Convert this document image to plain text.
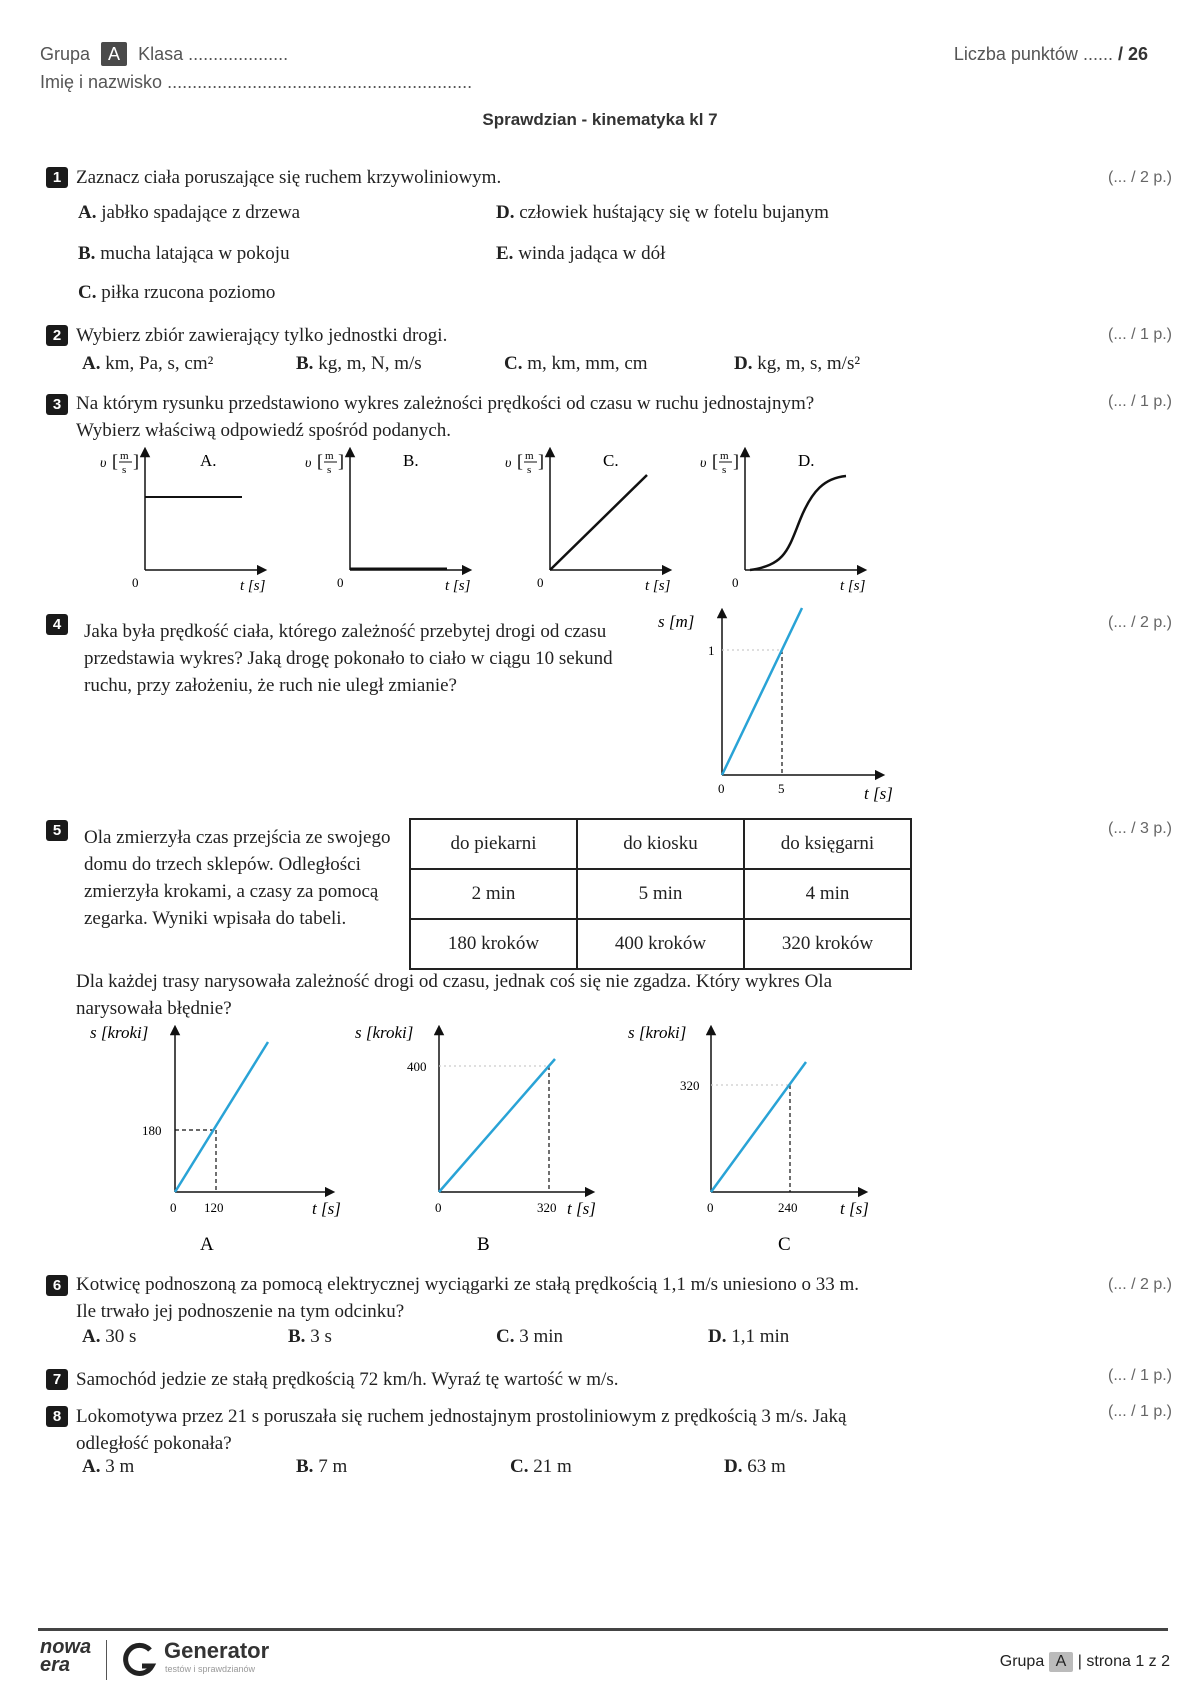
Grupa A Klasa ....................	Liczba punktów ...... / 26
Imię i nazwisko .............................................................
Sprawdzian - kinematyka kl 7
1 Zaznacz ciała poruszające się ruchem krzywoliniowym.	(... / 2 p.)
A. jabłko spadające z drzewa
B. mucha latająca w pokoju
C. piłka rzucona poziomo
D. człowiek huśtający się w fotelu bujanym
E. winda jadąca w dół
2 Wybierz zbiór zawierający tylko jednostki drogi.	(... / 1 p.)
A. km, Pa, s, cm²	B. kg, m, N, m/s	C. m, km, mm, cm	D. kg, m, s, m/s²
3 Na którym rysunku przedstawiono wykres zależności prędkości od czasu w ruchu jednostajnym? Wybierz właściwą odpowiedź spośród podanych.
(... / 1 p.)
υ [ m
s ]	A.
0	t [s]
υ [ m
s ]	B.
0	t [s]
υ [ m
s ]	C.
0	t [s]
υ [ m
s ]	D.
0	t [s]
4	Jaka była prędkość ciała, którego zależność przebytej drogi od czasu przedstawia wykres? Jaką drogę pokonało to ciało w ciągu 10 sekund ruchu, przy założeniu, że ruch nie uległ zmianie?
(... / 2 p.)
s [m]
1
0	5	t [s]
5	Ola zmierzyła czas przejścia ze swojego domu do trzech sklepów. Odległości zmierzyła krokami, a czasy za pomocą zegarka. Wyniki wpisała do tabeli.
(... / 3 p.)
do piekarni	do kiosku	do księgarni
2 min	5 min	4 min
180 kroków	400 kroków	320 kroków
Dla każdej trasy narysowała zależność drogi od czasu, jednak coś się nie zgadza. Który wykres Ola narysowała błędnie?
s [kroki]
180
0 120	t [s]
A
s [kroki]
400
0	320 t [s]
B
s [kroki]
320
0	240	t [s]
C
6 Kotwicę podnoszoną za pomocą elektrycznej wyciągarki ze stałą prędkością 1,1 m/s uniesiono o 33 m. Ile trwało jej podnoszenie na tym odcinku?
(... / 2 p.)
A. 30 s	B. 3 s	C. 3 min	D. 1,1 min
7 Samochód jedzie ze stałą prędkością 72 km/h. Wyraź tę wartość w m/s.	(... / 1 p.)
8 Lokomotywa przez 21 s poruszała się ruchem jednostajnym prostoliniowym z prędkością 3 m/s. Jaką odległość pokonała?
(... / 1 p.)
A. 3 m	B. 7 m	C. 21 m	D. 63 m
nowa
era
Generator
testów i sprawdzianów	Grupa A | strona 1 z 2
